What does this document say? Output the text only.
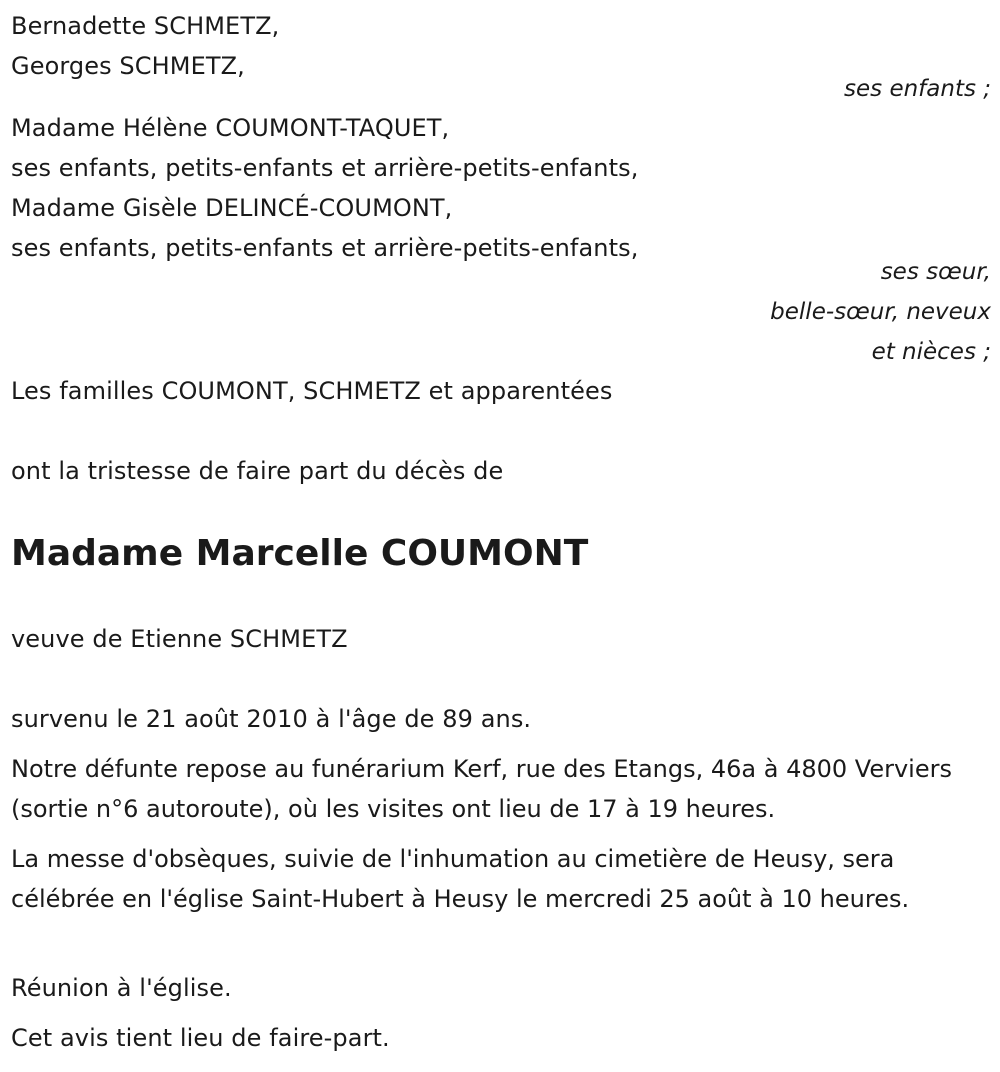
Bernadette SCHMETZ,
Georges SCHMETZ,
ses enfants ;
Madame Hélène COUMONT-TAQUET,
ses enfants, petits-enfants et arrière-petits-enfants,
Madame Gisèle DELINCÉ-COUMONT,
ses enfants, petits-enfants et arrière-petits-enfants,
ses sœur,
belle-sœur, neveux
et nièces ;
Les familles COUMONT, SCHMETZ et apparentées
ont la tristesse de faire part du décès de
Madame Marcelle COUMONT
veuve de Etienne SCHMETZ
survenu le 21 août 2010 à l'âge de 89 ans.
Notre défunte repose au funérarium Kerf, rue des Etangs, 46a à 4800 Verviers (sortie n°6 autoroute), où les visites ont lieu de 17 à 19 heures.
La messe d'obsèques, suivie de l'inhumation au cimetière de Heusy, sera célébrée en l'église Saint-Hubert à Heusy le mercredi 25 août à 10 heures.
Réunion à l'église.
Cet avis tient lieu de faire-part.
